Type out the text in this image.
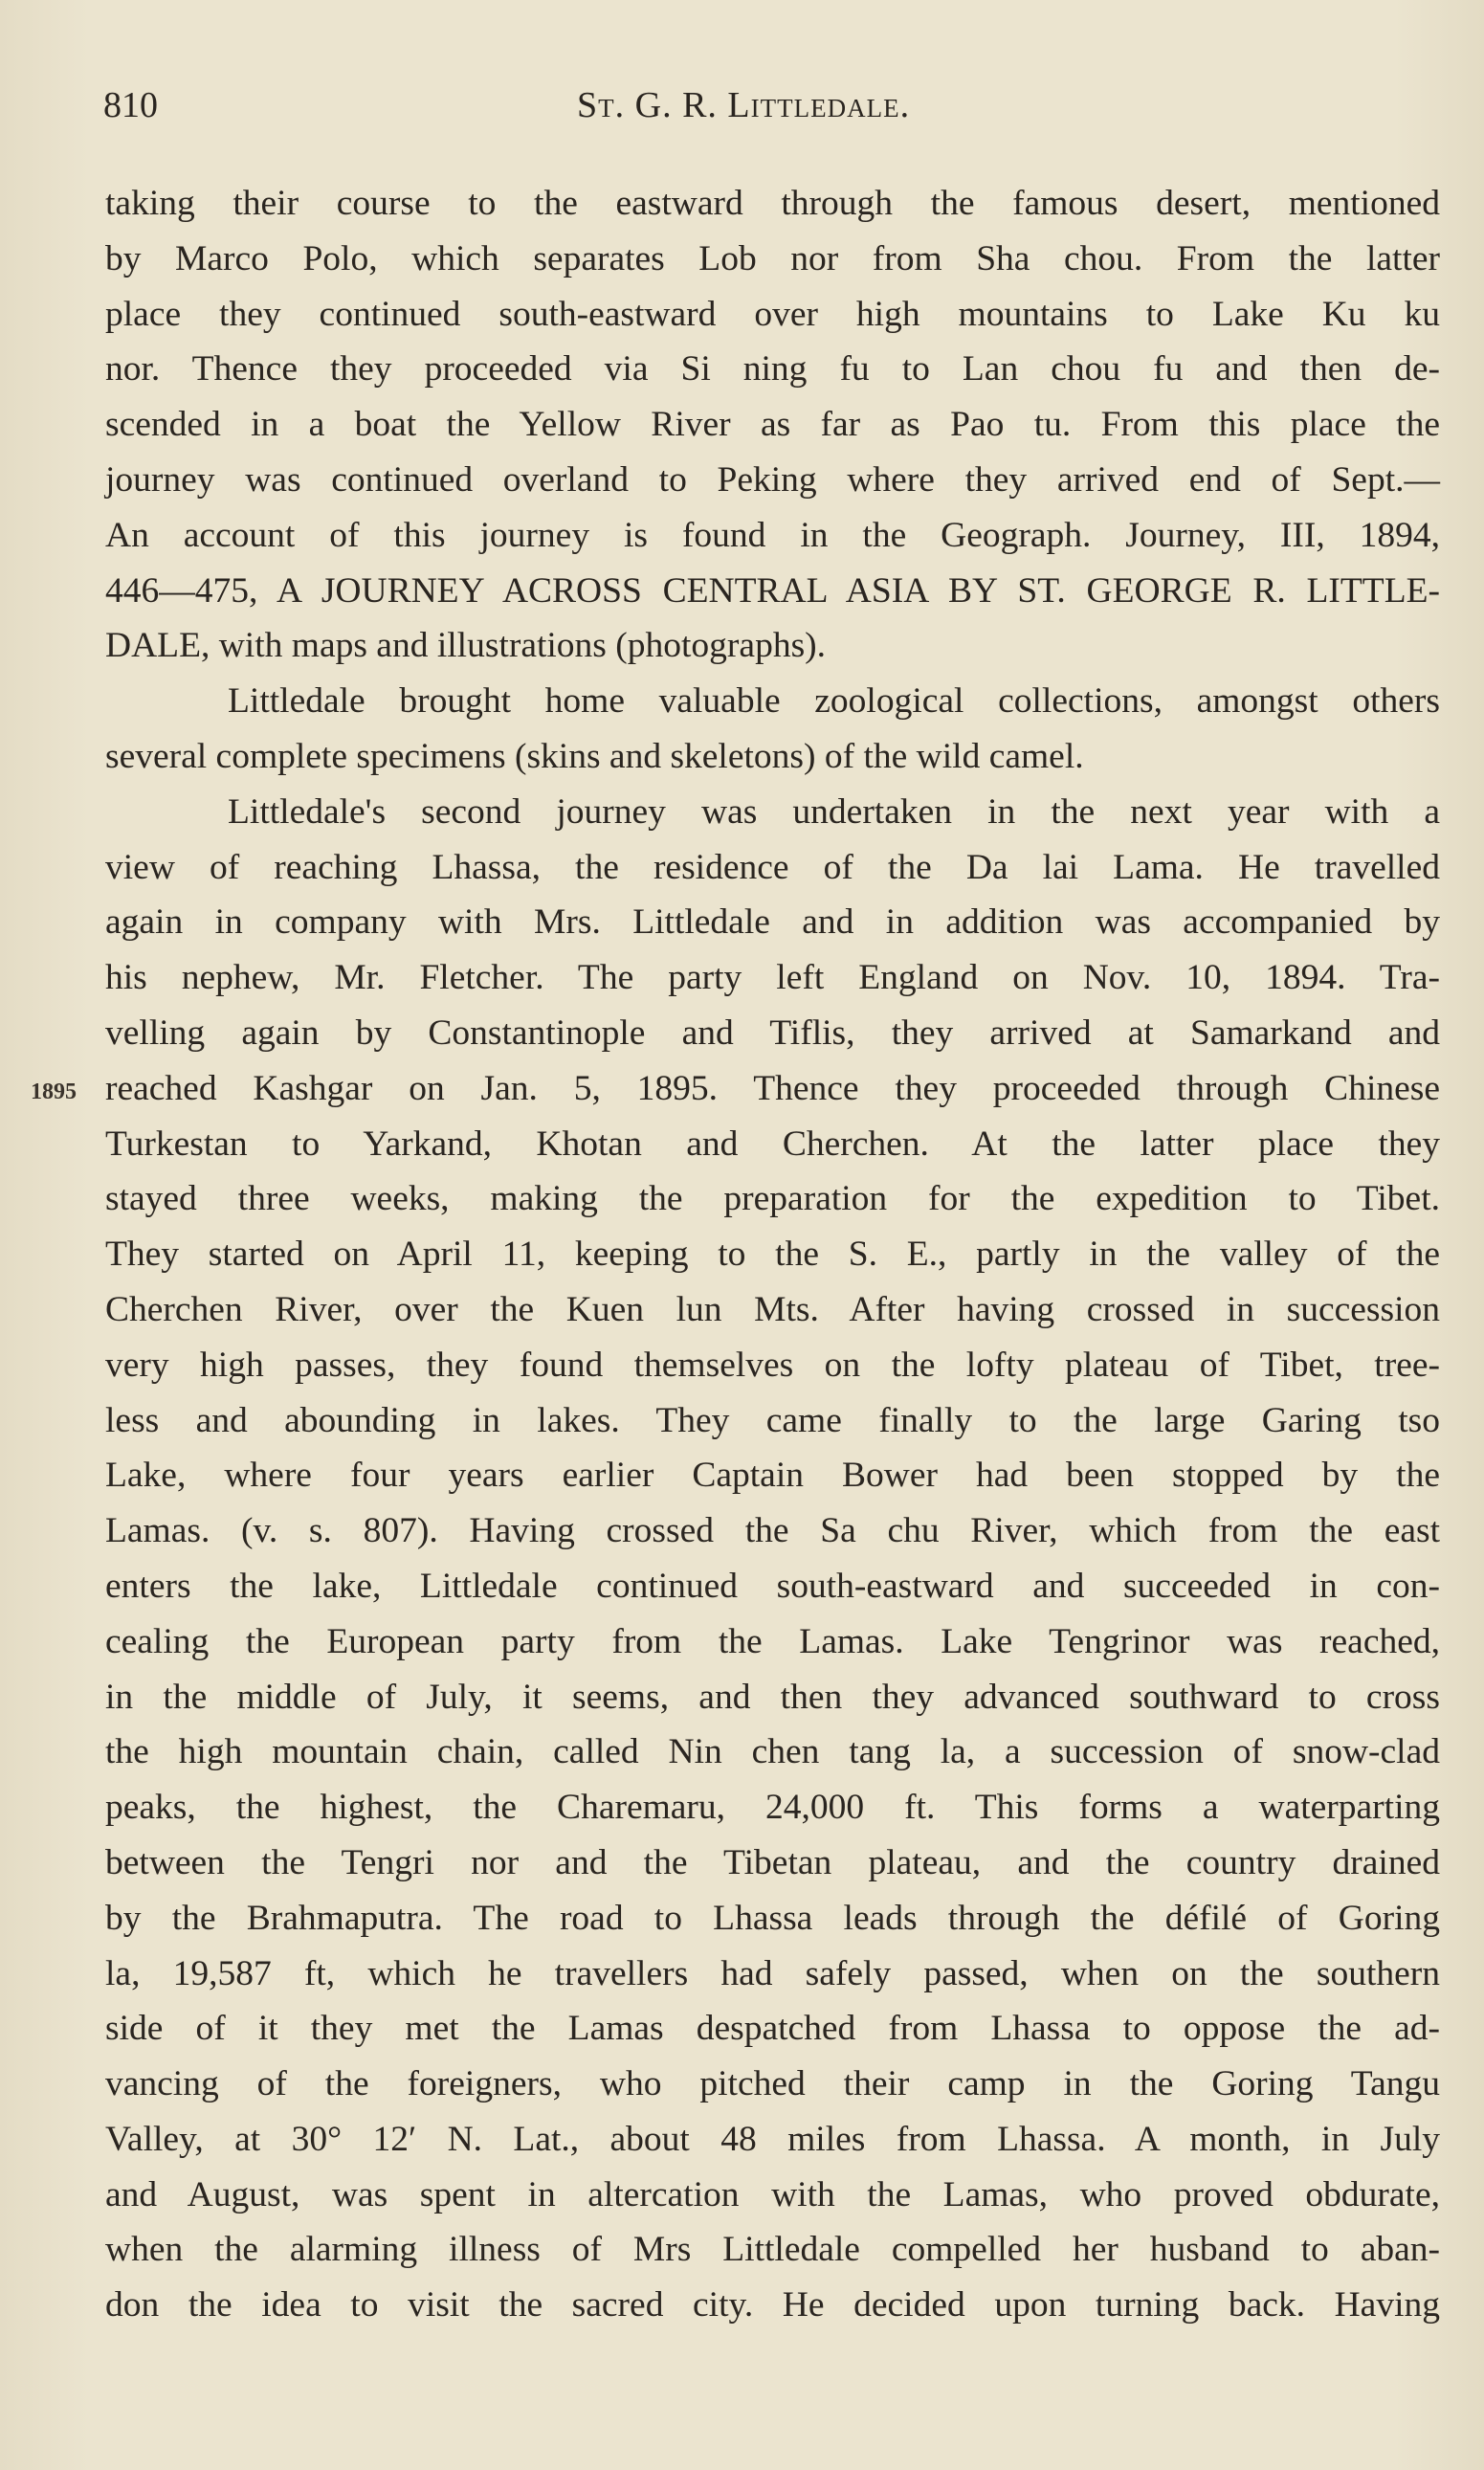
810	St. G. R. Littledale.
1895
taking their course to the eastward through the famous desert, mentioned
by Marco Polo, which separates Lob nor from Sha chou. From the latter
place they continued south-eastward over high mountains to Lake Ku ku
nor. Thence they proceeded via Si ning fu to Lan chou fu and then de-
scended in a boat the Yellow River as far as Pao tu. From this place the
journey was continued overland to Peking where they arrived end of Sept.—
An account of this journey is found in the Geograph. Journey, III, 1894,
446—475, A JOURNEY ACROSS CENTRAL ASIA BY ST. GEORGE R. LITTLE-
DALE, with maps and illustrations (photographs).
Littledale brought home valuable zoological collections, amongst others
several complete specimens (skins and skeletons) of the wild camel.
Littledale's second journey was undertaken in the next year with a
view of reaching Lhassa, the residence of the Da lai Lama. He travelled
again in company with Mrs. Littledale and in addition was accompanied by
his nephew, Mr. Fletcher. The party left England on Nov. 10, 1894. Tra-
velling again by Constantinople and Tiflis, they arrived at Samarkand and
reached Kashgar on Jan. 5, 1895. Thence they proceeded through Chinese
Turkestan to Yarkand, Khotan and Cherchen. At the latter place they
stayed three weeks, making the preparation for the expedition to Tibet.
They started on April 11, keeping to the S. E., partly in the valley of the
Cherchen River, over the Kuen lun Mts. After having crossed in succession
very high passes, they found themselves on the lofty plateau of Tibet, tree-
less and abounding in lakes. They came finally to the large Garing tso
Lake, where four years earlier Captain Bower had been stopped by the
Lamas. (v. s. 807). Having crossed the Sa chu River, which from the east
enters the lake, Littledale continued south-eastward and succeeded in con-
cealing the European party from the Lamas. Lake Tengrinor was reached,
in the middle of July, it seems, and then they advanced southward to cross
the high mountain chain, called Nin chen tang la, a succession of snow-clad
peaks, the highest, the Charemaru, 24,000 ft. This forms a waterparting
between the Tengri nor and the Tibetan plateau, and the country drained
by the Brahmaputra. The road to Lhassa leads through the défilé of Goring
la, 19,587 ft, which he travellers had safely passed, when on the southern
side of it they met the Lamas despatched from Lhassa to oppose the ad-
vancing of the foreigners, who pitched their camp in the Goring Tangu
Valley, at 30° 12′ N. Lat., about 48 miles from Lhassa. A month, in July
and August, was spent in altercation with the Lamas, who proved obdurate,
when the alarming illness of Mrs Littledale compelled her husband to aban-
don the idea to visit the sacred city. He decided upon turning back. Having
